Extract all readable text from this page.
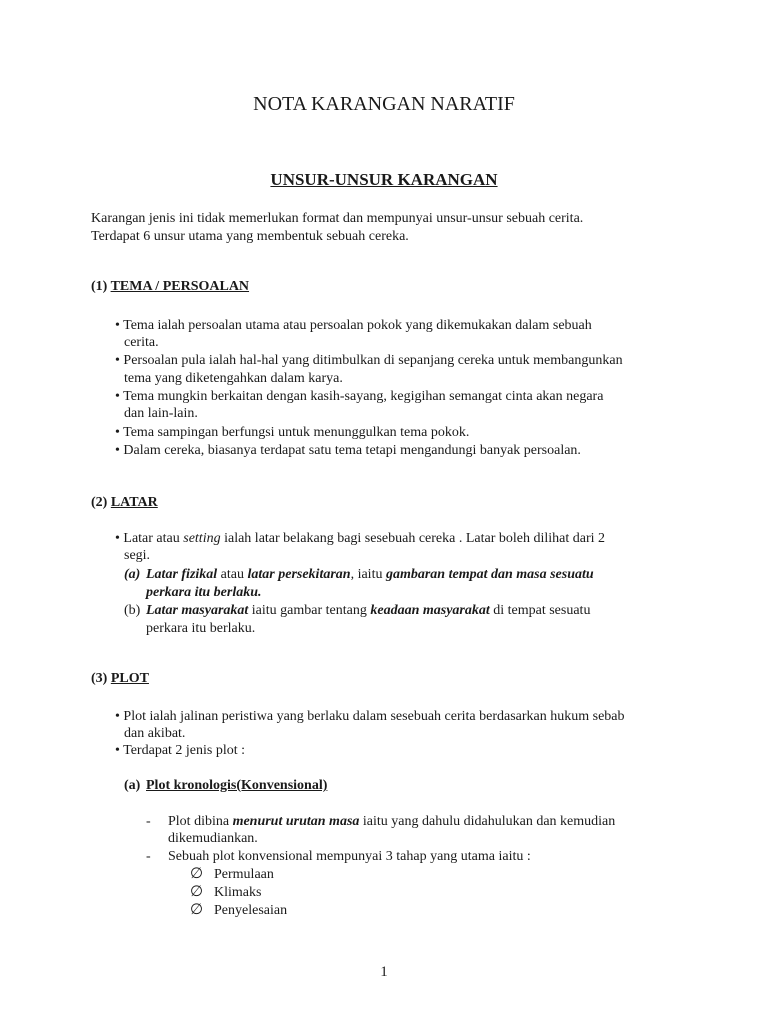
NOTA KARANGAN NARATIF
UNSUR-UNSUR KARANGAN
Karangan jenis ini tidak memerlukan format dan mempunyai unsur-unsur sebuah cerita.
Terdapat 6 unsur utama yang membentuk sebuah cereka.
(1) TEMA / PERSOALAN
• Tema ialah persoalan utama atau persoalan pokok yang dikemukakan dalam sebuah
cerita.
• Persoalan pula ialah hal-hal yang ditimbulkan di sepanjang cereka untuk membangunkan
tema yang diketengahkan dalam karya.
• Tema mungkin berkaitan dengan kasih-sayang, kegigihan semangat cinta akan negara
dan lain-lain.
• Tema sampingan berfungsi untuk menunggulkan tema pokok.
• Dalam cereka, biasanya terdapat satu tema tetapi mengandungi banyak persoalan.
(2) LATAR
• Latar atau setting ialah latar belakang bagi sesebuah cereka . Latar boleh dilihat dari 2
segi.
(a) Latar fizikal atau latar persekitaran, iaitu gambaran tempat dan masa sesuatu
perkara itu berlaku.
(b) Latar masyarakat iaitu gambar tentang keadaan masyarakat di tempat sesuatu
perkara itu berlaku.
(3) PLOT
• Plot ialah jalinan peristiwa yang berlaku dalam sesebuah cerita berdasarkan hukum sebab
dan akibat.
• Terdapat 2 jenis plot :
(a) Plot kronologis(Konvensional)
- Plot dibina menurut urutan masa iaitu yang dahulu didahulukan dan kemudian
dikemudiankan.
- Sebuah plot konvensional mempunyai 3 tahap yang utama iaitu :
∅ Permulaan
∅ Klimaks
∅ Penyelesaian
1
